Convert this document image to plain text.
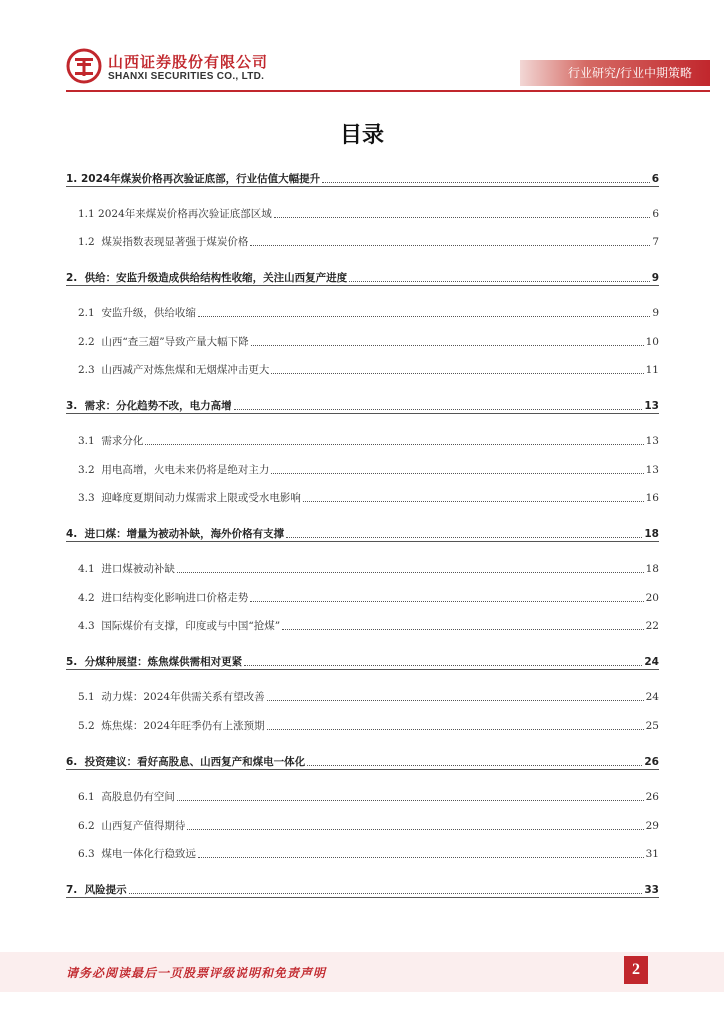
山西证券股份有限公司
SHANXI SECURITIES CO., LTD.	行业研究/行业中期策略
目录
1. 2024年煤炭价格再次验证底部，行业估值大幅提升	6
1.1 2024年来煤炭价格再次验证底部区域	6
1.2 煤炭指数表现显著强于煤炭价格	7
2. 供给：安监升级造成供给结构性收缩，关注山西复产进度	9
2.1 安监升级，供给收缩	9
2.2 山西“查三超”导致产量大幅下降	10
2.3 山西减产对炼焦煤和无烟煤冲击更大	11
3. 需求：分化趋势不改，电力高增	13
3.1 需求分化	13
3.2 用电高增，火电未来仍将是绝对主力	13
3.3 迎峰度夏期间动力煤需求上限或受水电影响	16
4. 进口煤：增量为被动补缺，海外价格有支撑	18
4.1 进口煤被动补缺	18
4.2 进口结构变化影响进口价格走势	20
4.3 国际煤价有支撑，印度或与中国“抢煤”	22
5. 分煤种展望：炼焦煤供需相对更紧	24
5.1 动力煤：2024年供需关系有望改善	24
5.2 炼焦煤：2024年旺季仍有上涨预期	25
6. 投资建议：看好高股息、山西复产和煤电一体化	26
6.1 高股息仍有空间	26
6.2 山西复产值得期待	29
6.3 煤电一体化行稳致远	31
7. 风险提示	33
请务必阅读最后一页股票评级说明和免责声明	2
